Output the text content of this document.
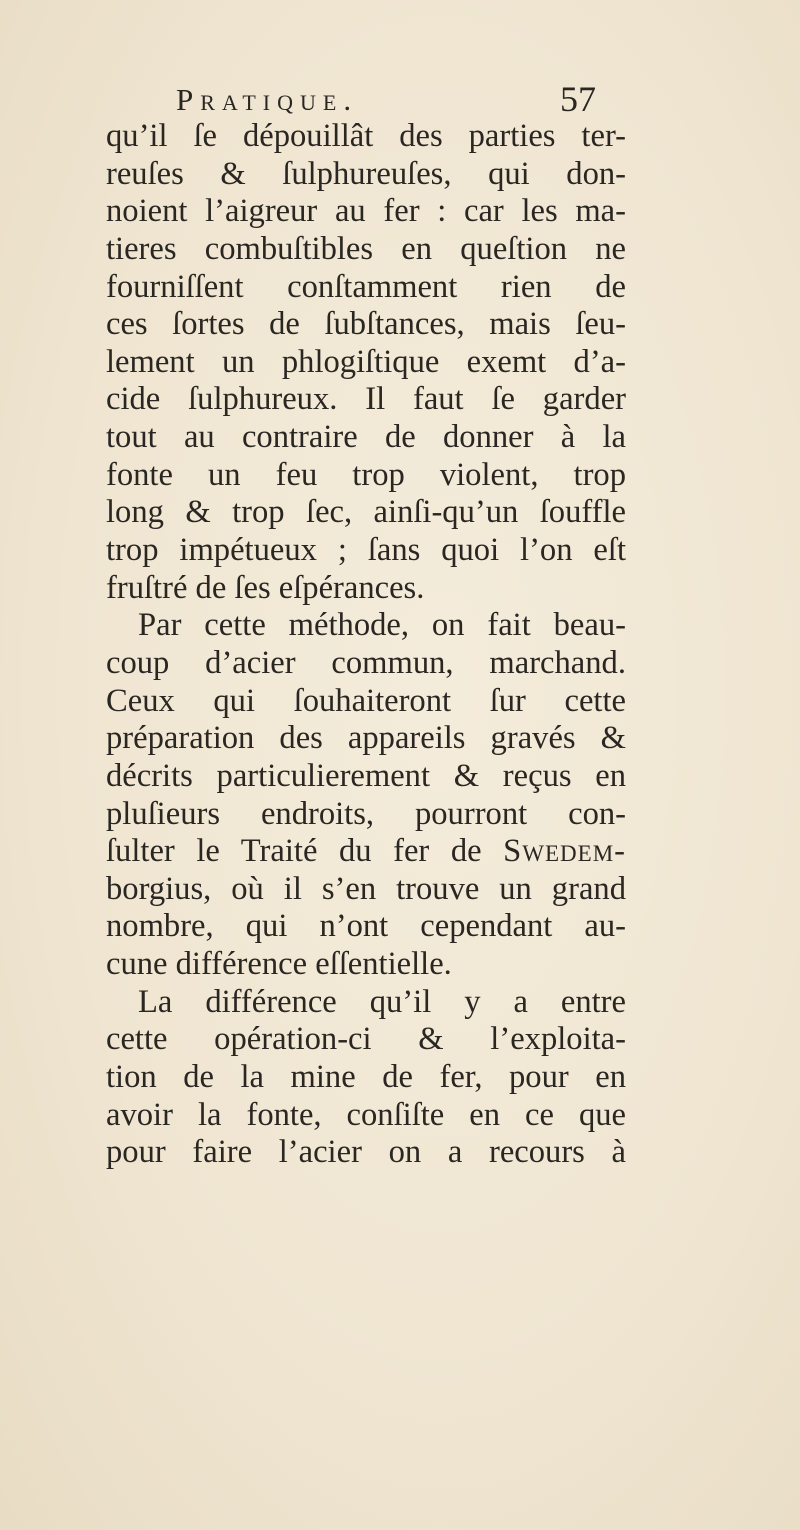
Pratique.	57
qu’il ſe dépouillât des parties ter-
reuſes & ſulphureuſes, qui don-
noient l’aigreur au fer : car les ma-
tieres combuſtibles en queſtion ne
fourniſſent conſtamment rien de
ces ſortes de ſubſtances, mais ſeu-
lement un phlogiſtique exemt d’a-
cide ſulphureux. Il faut ſe garder
tout au contraire de donner à la
fonte un feu trop violent, trop
long & trop ſec, ainſi-qu’un ſouffle
trop impétueux ; ſans quoi l’on eſt
fruſtré de ſes eſpérances.
Par cette méthode, on fait beau-
coup d’acier commun, marchand.
Ceux qui ſouhaiteront ſur cette
préparation des appareils gravés &
décrits particulierement & reçus en
pluſieurs endroits, pourront con-
ſulter le Traité du fer de Swedem-
borgius, où il s’en trouve un grand
nombre, qui n’ont cependant au-
cune différence eſſentielle.
La différence qu’il y a entre
cette opération-ci & l’exploita-
tion de la mine de fer, pour en
avoir la fonte, conſiſte en ce que
pour faire l’acier on a recours à
